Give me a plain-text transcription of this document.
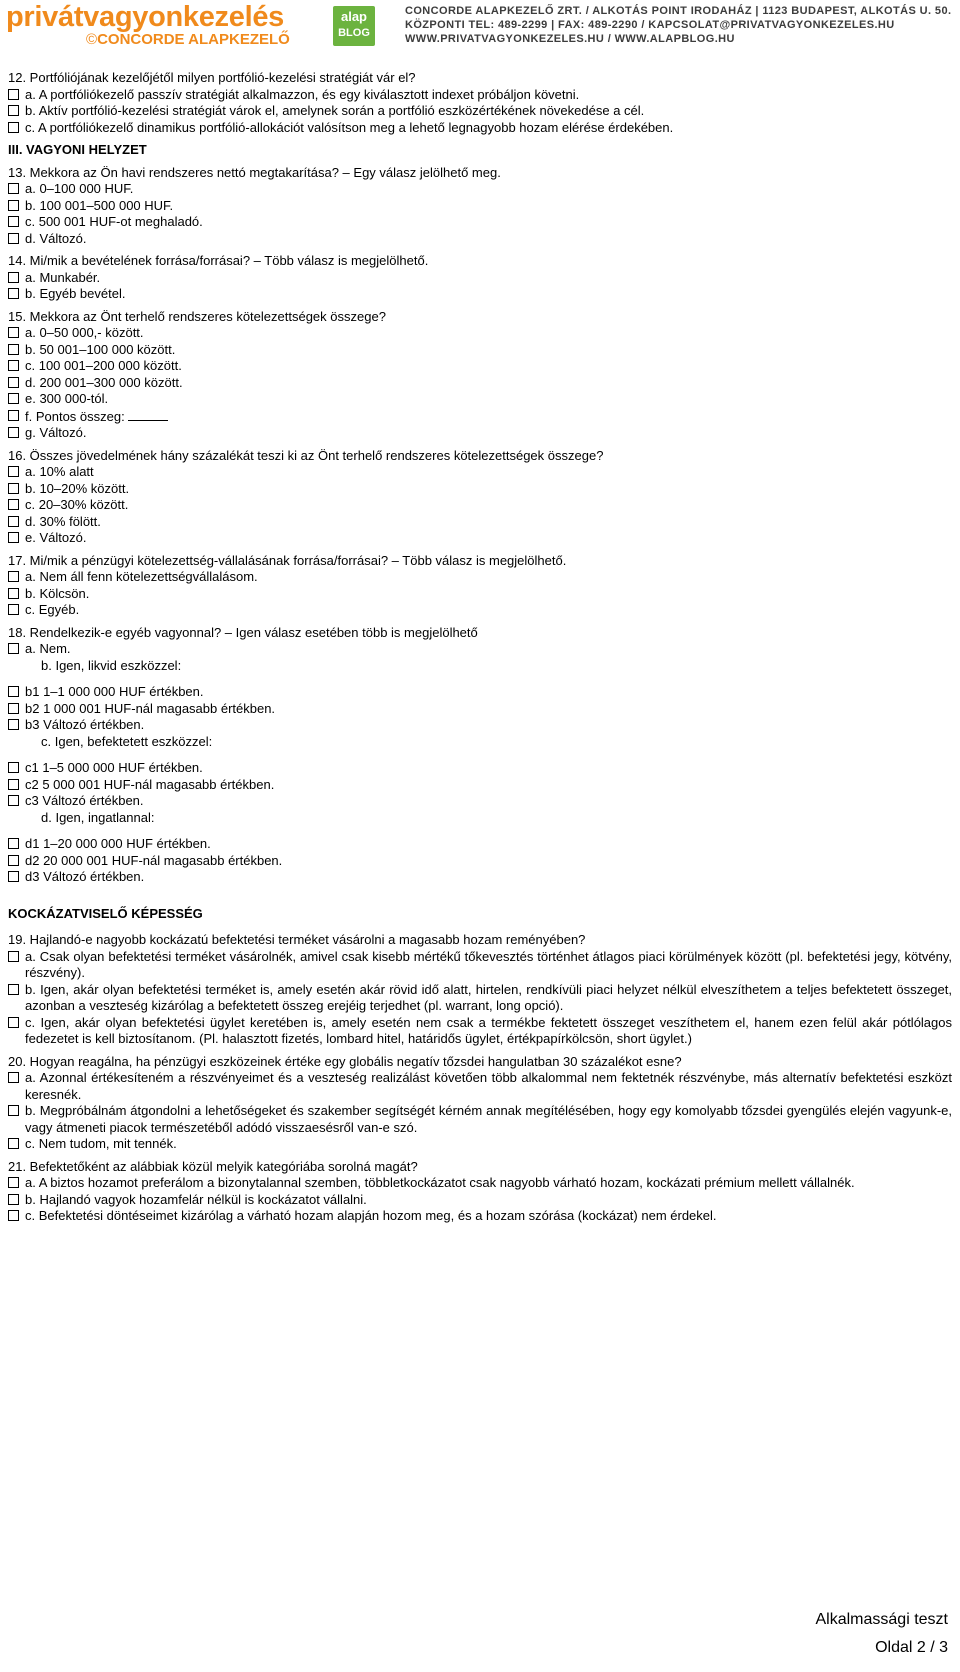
privátvagyonkezelés
©CONCORDE ALAPKEZELŐ
alap
BLOG
CONCORDE ALAPKEZELŐ ZRT. / ALKOTÁS POINT IRODAHÁZ | 1123 BUDAPEST, ALKOTÁS U. 50.
KÖZPONTI TEL: 489-2299 | FAX: 489-2290 / KAPCSOLAT@PRIVATVAGYONKEZELES.HU
WWW.PRIVATVAGYONKEZELES.HU / WWW.ALAPBLOG.HU

12. Portfóliójának kezelőjétől milyen portfólió-kezelési stratégiát vár el?

a. A portfóliókezelő passzív stratégiát alkalmazzon, és egy kiválasztott indexet próbáljon követni.
b. Aktív portfólió-kezelési stratégiát várok el, amelynek során a portfólió eszközértékének növekedése a cél.
c. A portfóliókezelő dinamikus portfólió-allokációt valósítson meg a lehető legnagyobb hozam elérése érdekében.

III. VAGYONI HELYZET

13. Mekkora az Ön havi rendszeres nettó megtakarítása? – Egy válasz jelölhető meg.

a. 0–100 000 HUF.
b. 100 001–500 000 HUF.
c. 500 001 HUF-ot meghaladó.
d. Változó.

14. Mi/mik a bevételének forrása/forrásai? – Több válasz is megjelölhető.

a. Munkabér.
b. Egyéb bevétel.

15. Mekkora az Önt terhelő rendszeres kötelezettségek összege?

a. 0–50 000,- között.
b. 50 001–100 000 között.
c. 100 001–200 000 között.
d. 200 001–300 000 között.
e. 300 000-tól.
f. Pontos összeg:
g. Változó.

16. Összes jövedelmének hány százalékát teszi ki az Önt terhelő rendszeres kötelezettségek összege?

a. 10% alatt
b. 10–20% között.
c. 20–30% között.
d. 30% fölött.
e. Változó.

17. Mi/mik a pénzügyi kötelezettség-vállalásának forrása/forrásai? – Több válasz is megjelölhető.

a. Nem áll fenn kötelezettségvállalásom.
b. Kölcsön.
c. Egyéb.

18. Rendelkezik-e egyéb vagyonnal? – Igen válasz esetében több is megjelölhető

a. Nem.

b. Igen, likvid eszközzel:

b1 1–1 000 000 HUF értékben.
b2 1 000 001 HUF-nál magasabb értékben.
b3 Változó értékben.

c. Igen, befektetett eszközzel:

c1 1–5 000 000 HUF értékben.
c2 5 000 001 HUF-nál magasabb értékben.
c3 Változó értékben.

d. Igen, ingatlannal:

d1 1–20 000 000 HUF értékben.
d2 20 000 001 HUF-nál magasabb értékben.
d3 Változó értékben.

KOCKÁZATVISELŐ KÉPESSÉG

19. Hajlandó-e nagyobb kockázatú befektetési terméket vásárolni a magasabb hozam reményében?

a. Csak olyan befektetési terméket vásárolnék, amivel csak kisebb mértékű tőkevesztés történhet átlagos piaci körülmények között (pl. befektetési jegy, kötvény, részvény).
b. Igen, akár olyan befektetési terméket is, amely esetén akár rövid idő alatt, hirtelen, rendkívüli piaci helyzet nélkül elveszíthetem a teljes befektetett összeget, azonban a veszteség kizárólag a befektetett összeg erejéig terjedhet (pl. warrant, long opció).
c. Igen, akár olyan befektetési ügylet keretében is, amely esetén nem csak a termékbe fektetett összeget veszíthetem el, hanem ezen felül akár pótlólagos fedezetet is kell biztosítanom. (Pl. halasztott fizetés, lombard hitel, határidős ügylet, értékpapírkölcsön, short ügylet.)

20. Hogyan reagálna, ha pénzügyi eszközeinek értéke egy globális negatív tőzsdei hangulatban 30 százalékot esne?

a. Azonnal értékesíteném a részvényeimet és a veszteség realizálást követően több alkalommal nem fektetnék részvénybe, más alternatív befektetési eszközt keresnék.
b. Megpróbálnám átgondolni a lehetőségeket és szakember segítségét kérném annak megítélésében, hogy egy komolyabb tőzsdei gyengülés elején vagyunk-e, vagy átmeneti piacok természetéből adódó visszaesésről van-e szó.
c. Nem tudom, mit tennék.

21. Befektetőként az alábbiak közül melyik kategóriába sorolná magát?

a. A biztos hozamot preferálom a bizonytalannal szemben, többletkockázatot csak nagyobb várható hozam, kockázati prémium mellett vállalnék.
b. Hajlandó vagyok hozamfelár nélkül is kockázatot vállalni.
c. Befektetési döntéseimet kizárólag a várható hozam alapján hozom meg, és a hozam szórása (kockázat) nem érdekel.
Alkalmassági teszt
Oldal 2 / 3
